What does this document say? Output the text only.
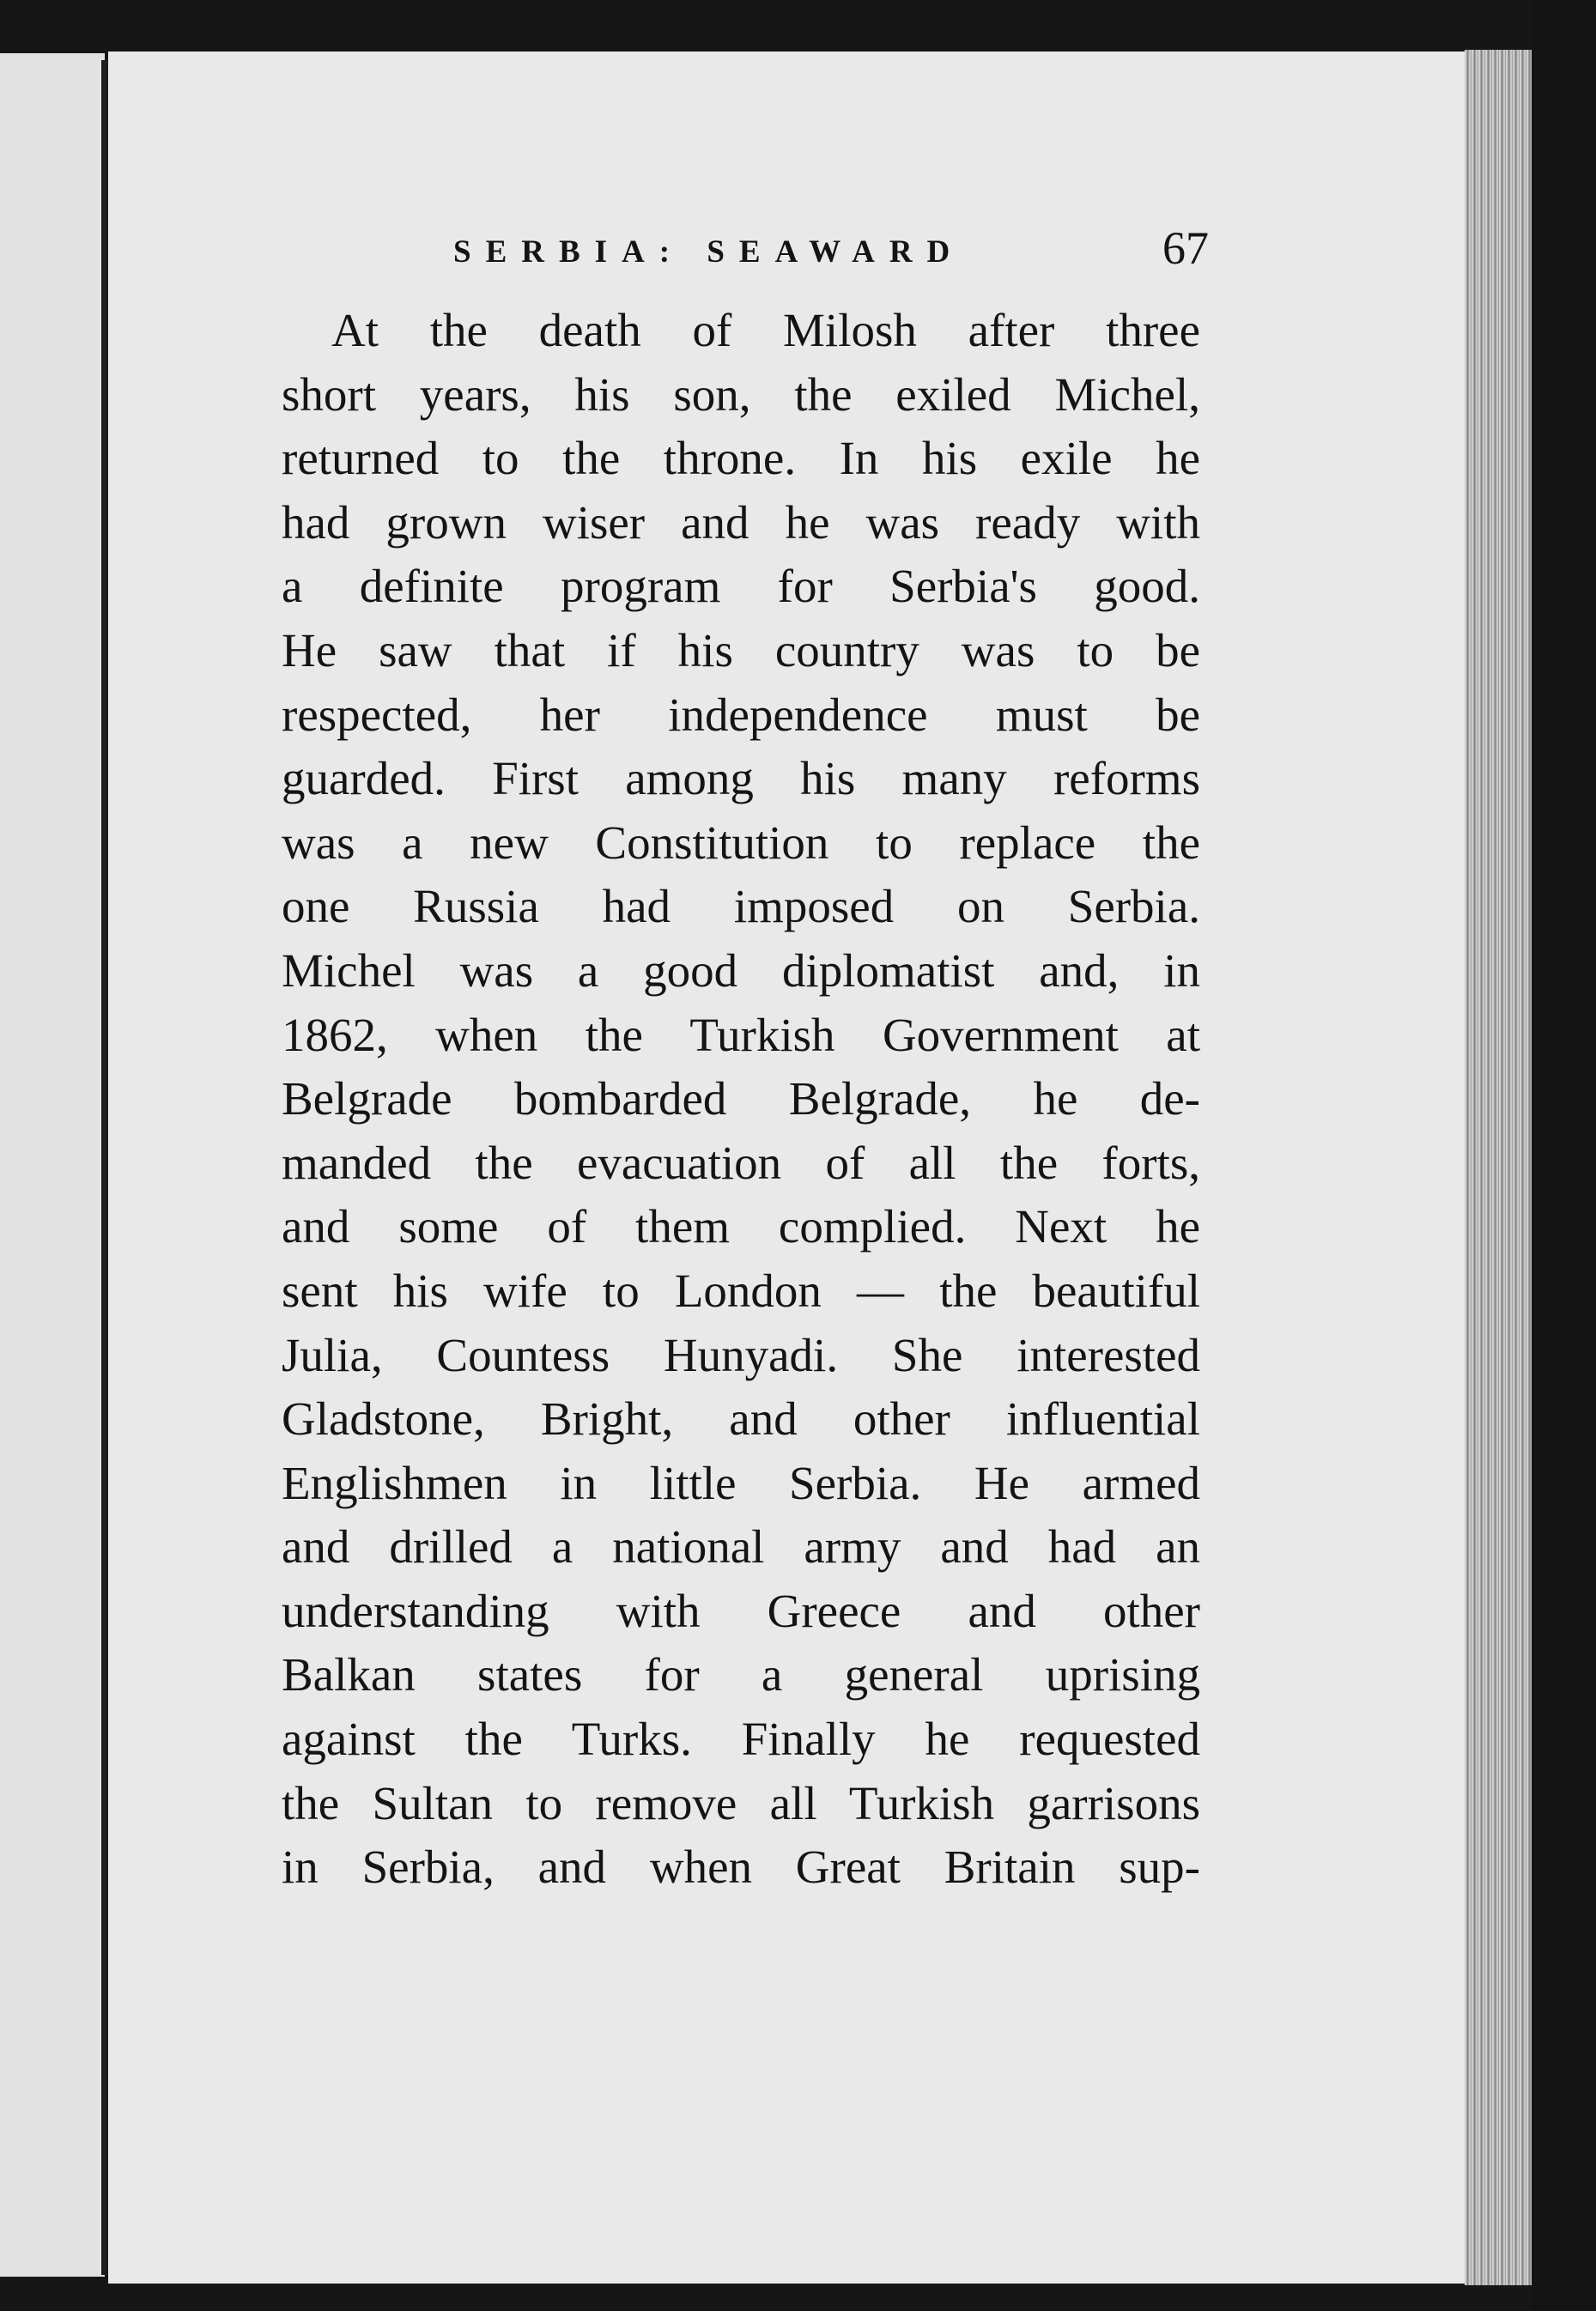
SERBIA: SEAWARD	67
At the death of Milosh after three
short years, his son, the exiled Michel,
returned to the throne. In his exile he
had grown wiser and he was ready with
a definite program for Serbia's good.
He saw that if his country was to be
respected, her independence must be
guarded. First among his many reforms
was a new Constitution to replace the
one Russia had imposed on Serbia.
Michel was a good diplomatist and, in
1862, when the Turkish Government at
Belgrade bombarded Belgrade, he de-
manded the evacuation of all the forts,
and some of them complied. Next he
sent his wife to London — the beautiful
Julia, Countess Hunyadi. She interested
Gladstone, Bright, and other influential
Englishmen in little Serbia. He armed
and drilled a national army and had an
understanding with Greece and other
Balkan states for a general uprising
against the Turks. Finally he requested
the Sultan to remove all Turkish garrisons
in Serbia, and when Great Britain sup-
